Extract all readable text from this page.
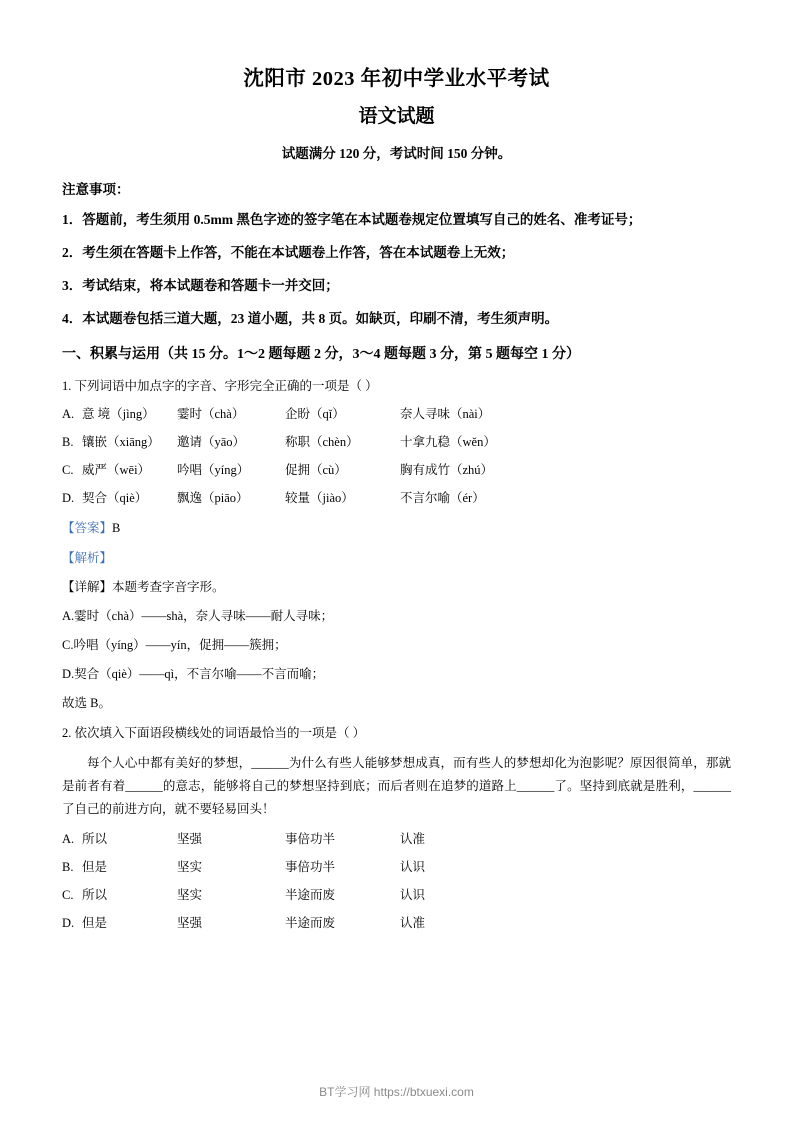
沈阳市 2023 年初中学业水平考试
语文试题

试题满分 120 分，考试时间 150 分钟。

注意事项：

1．答题前，考生须用 0.5mm 黑色字迹的签字笔在本试题卷规定位置填写自己的姓名、准考证号；

2．考生须在答题卡上作答，不能在本试题卷上作答，答在本试题卷上无效；

3．考试结束，将本试题卷和答题卡一并交回；

4．本试题卷包括三道大题，23 道小题，共 8 页。如缺页，印刷不清，考生须声明。

一、积累与运用（共 15 分。1～2 题每题 2 分，3～4 题每题 3 分，第 5 题每空 1 分）

1. 下列词语中加点字的字音、字形完全正确的一项是（ ）

A. 意 境（jìng）	霎时（chà）	企盼（qǐ）	奈人寻味（nài）
B. 镶嵌（xiāng）	邀请（yāo）	称职（chèn）	十拿九稳（wěn）
C. 威严（wēi）	吟唱（yíng）	促拥（cù）	胸有成竹（zhú）
D. 契合（qiè）	飘逸（piāo）	较量（jiào）	不言尔喻（ér）

【答案】B

【解析】

【详解】本题考查字音字形。

A.霎时（chà）——shà，奈人寻味——耐人寻味；

C.吟唱（yíng）——yín，促拥——簇拥；

D.契合（qiè）——qì，不言尔喻——不言而喻；

故选 B。

2. 依次填入下面语段横线处的词语最恰当的一项是（ ）

每个人心中都有美好的梦想，______为什么有些人能够梦想成真，而有些人的梦想却化为泡影呢？原因很简单，那就是前者有着______的意志，能够将自己的梦想坚持到底；而后者则在追梦的道路上______了。坚持到底就是胜利，______了自己的前进方向，就不要轻易回头！

A. 所以	坚强	事倍功半	认准
B. 但是	坚实	事倍功半	认识
C. 所以	坚实	半途而废	认识
D. 但是	坚强	半途而废	认准
BT学习网 https://btxuexi.com
